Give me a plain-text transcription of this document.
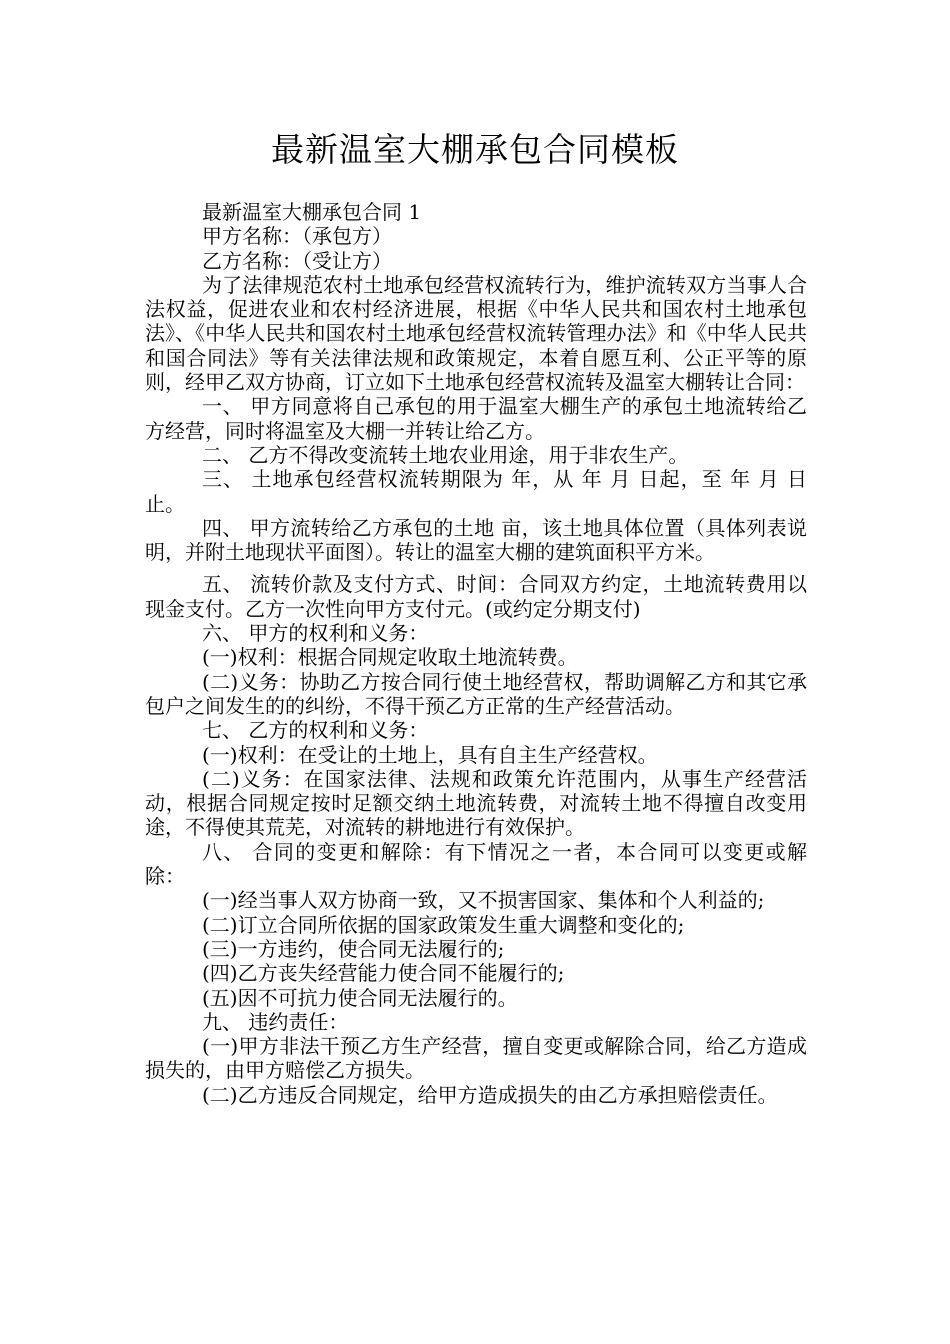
最新温室大棚承包合同模板

最新温室大棚承包合同 1

甲方名称：（承包方）

乙方名称：（受让方）

为了法律规范农村土地承包经营权流转行为，维护流转双方当事人合法权益，促进农业和农村经济进展，根据《中华人民共和国农村土地承包法》、《中华人民共和国农村土地承包经营权流转管理办法》和《中华人民共和国合同法》等有关法律法规和政策规定，本着自愿互利、公正平等的原则，经甲乙双方协商，订立如下土地承包经营权流转及温室大棚转让合同：

一、 甲方同意将自己承包的用于温室大棚生产的承包土地流转给乙方经营，同时将温室及大棚一并转让给乙方。

二、 乙方不得改变流转土地农业用途，用于非农生产。

三、 土地承包经营权流转期限为 年，从 年 月 日起，至 年 月 日止。

四、 甲方流转给乙方承包的土地 亩，该土地具体位置（具体列表说明，并附土地现状平面图）。转让的温室大棚的建筑面积平方米。

五、 流转价款及支付方式、时间：合同双方约定，土地流转费用以现金支付。乙方一次性向甲方支付元。(或约定分期支付)

六、 甲方的权利和义务：

(一)权利：根据合同规定收取土地流转费。

(二)义务：协助乙方按合同行使土地经营权，帮助调解乙方和其它承包户之间发生的的纠纷，不得干预乙方正常的生产经营活动。

七、 乙方的权利和义务：

(一)权利：在受让的土地上，具有自主生产经营权。

(二)义务：在国家法律、法规和政策允许范围内，从事生产经营活动，根据合同规定按时足额交纳土地流转费，对流转土地不得擅自改变用途，不得使其荒芜，对流转的耕地进行有效保护。

八、 合同的变更和解除：有下情况之一者，本合同可以变更或解除：

(一)经当事人双方协商一致，又不损害国家、集体和个人利益的;

(二)订立合同所依据的国家政策发生重大调整和变化的;

(三)一方违约，使合同无法履行的;

(四)乙方丧失经营能力使合同不能履行的;

(五)因不可抗力使合同无法履行的。

九、 违约责任：

(一)甲方非法干预乙方生产经营，擅自变更或解除合同，给乙方造成损失的，由甲方赔偿乙方损失。

(二)乙方违反合同规定，给甲方造成损失的由乙方承担赔偿责任。
